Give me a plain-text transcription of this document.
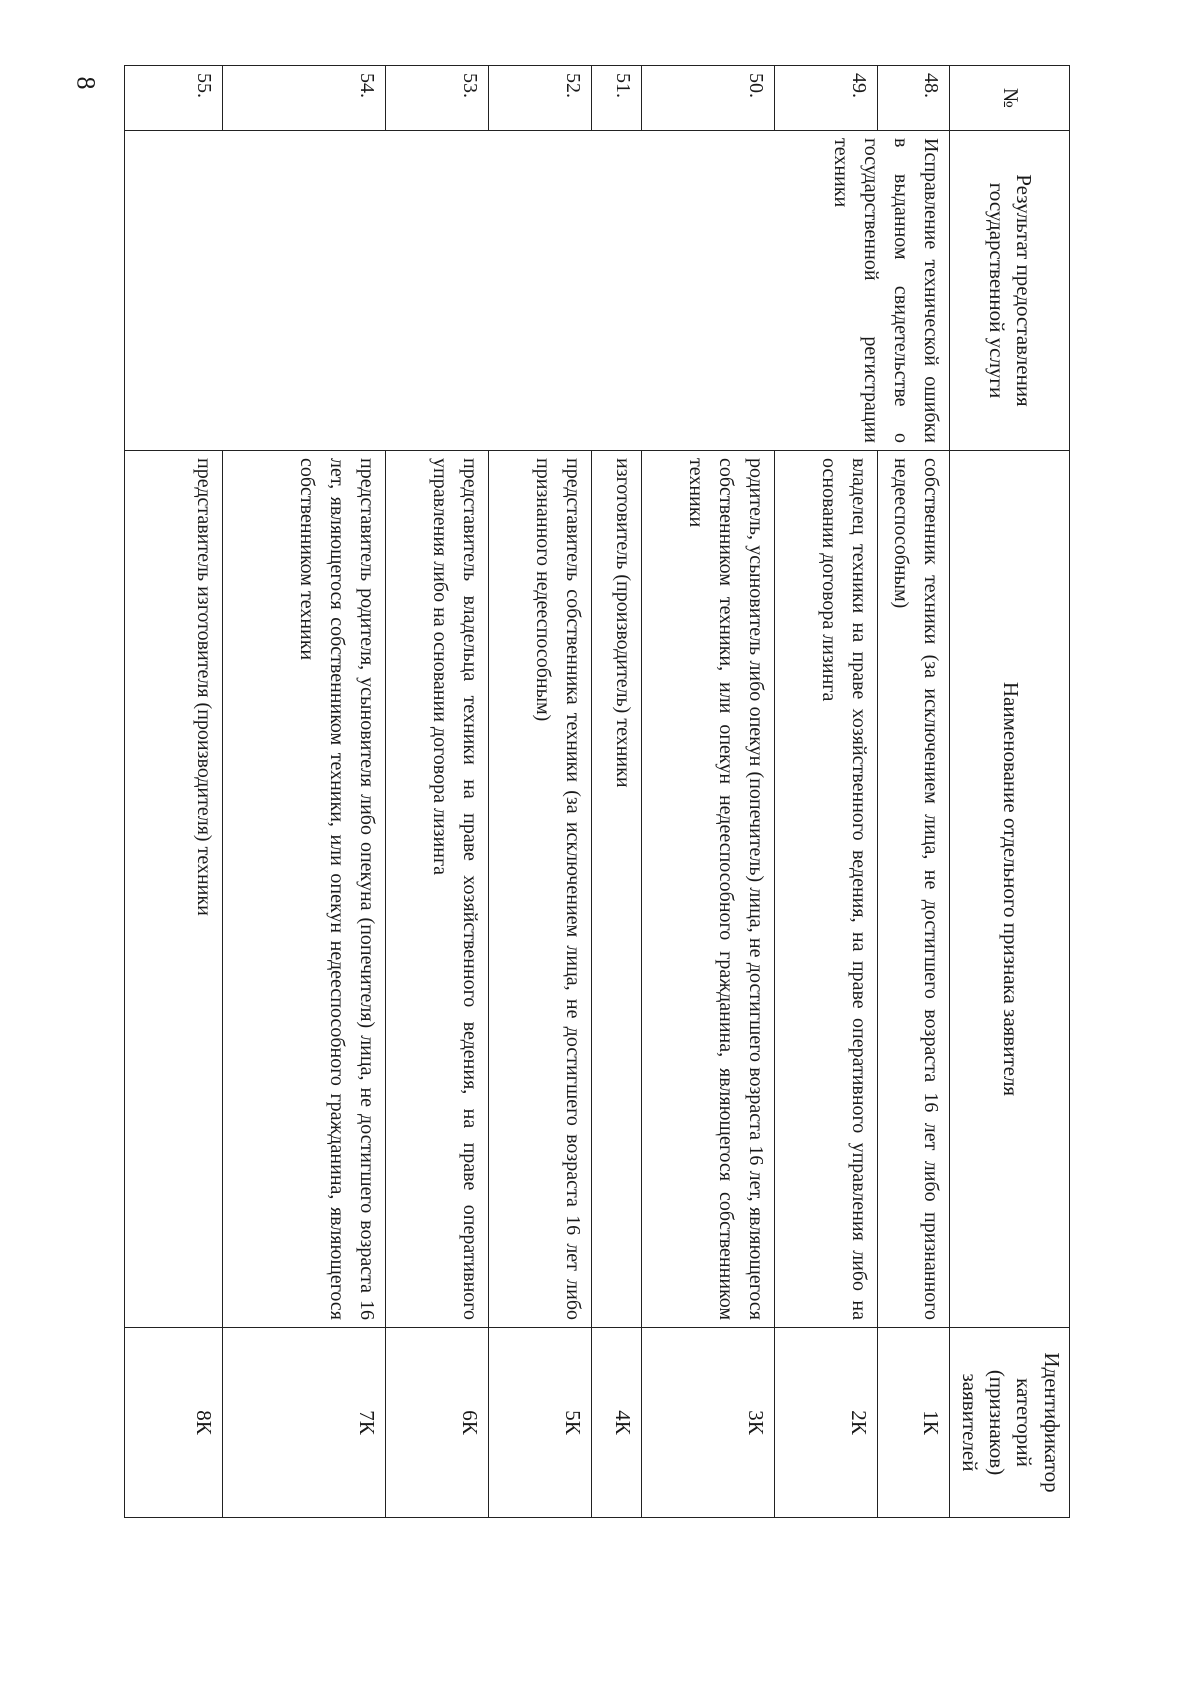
8
№	Результат предоставления государственной услуги	Наименование отдельного признака заявителя	Идентификатор категорий (признаков) заявителей
48.	Исправление технической ошибки в выданном свидетельстве о государственной регистрации техники	собственник техники (за исключением лица, не достигшего возраста 16 лет либо признанного недееспособным)	1К
49.		владелец техники на праве хозяйственного ведения, на праве оперативного управления либо на основании договора лизинга	2К
50.		родитель, усыновитель либо опекун (попечитель) лица, не достигшего возраста 16 лет, являющегося собственником техники, или опекун недееспособного гражданина, являющегося собственником техники	3К
51.		изготовитель (производитель) техники	4К
52.		представитель собственника техники (за исключением лица, не достигшего возраста 16 лет либо признанного недееспособным)	5К
53.		представитель владельца техники на праве хозяйственного ведения, на праве оперативного управления либо на основании договора лизинга	6К
54.		представитель родителя, усыновителя либо опекуна (попечителя) лица, не достигшего возраста 16 лет, являющегося собственником техники, или опекун недееспособного гражданина, являющегося собственником техники	7К
55.		представитель изготовителя (производителя) техники	8К
